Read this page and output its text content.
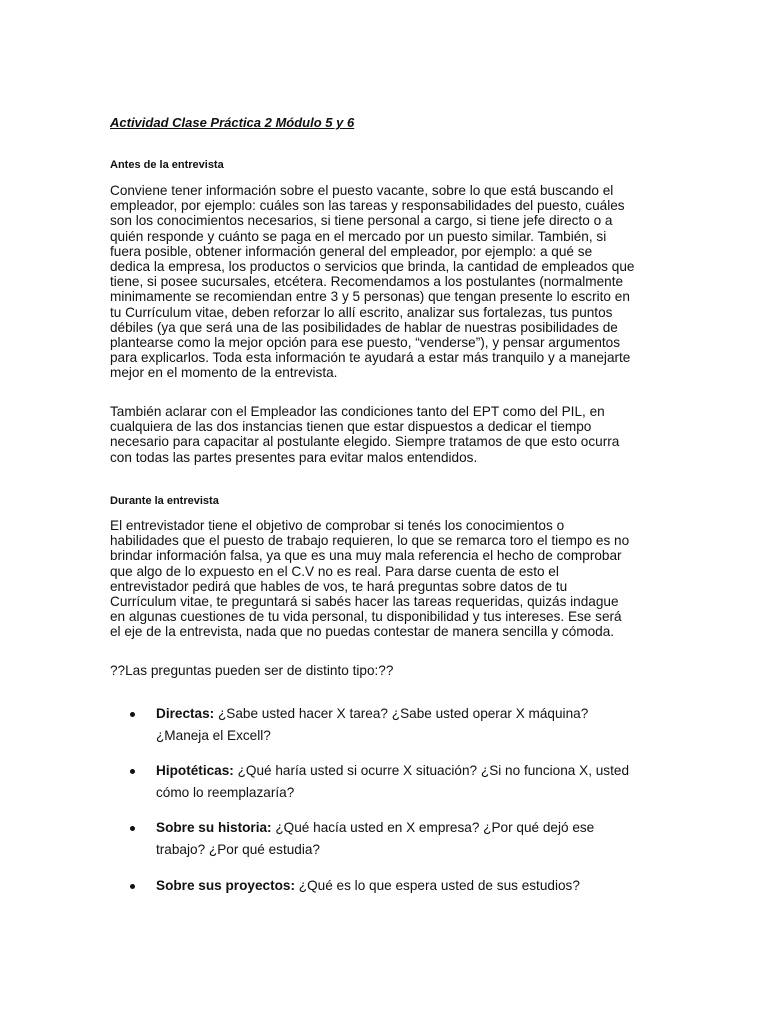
Actividad Clase Práctica 2 Módulo 5 y 6
Antes de la entrevista
Conviene tener información sobre el puesto vacante, sobre lo que está buscando el
empleador, por ejemplo: cuáles son las tareas y responsabilidades del puesto, cuáles
son los conocimientos necesarios, si tiene personal a cargo, si tiene jefe directo o a
quién responde y cuánto se paga en el mercado por un puesto similar. También, si
fuera posible, obtener información general del empleador, por ejemplo: a qué se
dedica la empresa, los productos o servicios que brinda, la cantidad de empleados que
tiene, si posee sucursales, etcétera. Recomendamos a los postulantes (normalmente
minimamente se recomiendan entre 3 y 5 personas) que tengan presente lo escrito en
tu Currículum vitae, deben reforzar lo allí escrito, analizar sus fortalezas, tus puntos
débiles (ya que será una de las posibilidades de hablar de nuestras posibilidades de
plantearse como la mejor opción para ese puesto, “venderse”), y pensar argumentos
para explicarlos. Toda esta información te ayudará a estar más tranquilo y a manejarte
mejor en el momento de la entrevista.
También aclarar con el Empleador las condiciones tanto del EPT como del PIL, en
cualquiera de las dos instancias tienen que estar dispuestos a dedicar el tiempo
necesario para capacitar al postulante elegido. Siempre tratamos de que esto ocurra
con todas las partes presentes para evitar malos entendidos.
Durante la entrevista
El entrevistador tiene el objetivo de comprobar si tenés los conocimientos o
habilidades que el puesto de trabajo requieren, lo que se remarca toro el tiempo es no
brindar información falsa, ya que es una muy mala referencia el hecho de comprobar
que algo de lo expuesto en el C.V no es real. Para darse cuenta de esto el
entrevistador pedirá que hables de vos, te hará preguntas sobre datos de tu
Currículum vitae, te preguntará si sabés hacer las tareas requeridas, quizás indague
en algunas cuestiones de tu vida personal, tu disponibilidad y tus intereses. Ese será
el eje de la entrevista, nada que no puedas contestar de manera sencilla y cómoda.
??Las preguntas pueden ser de distinto tipo:??
Directas: ¿Sabe usted hacer X tarea? ¿Sabe usted operar X máquina?
¿Maneja el Excell?
Hipotéticas: ¿Qué haría usted si ocurre X situación? ¿Si no funciona X, usted
cómo lo reemplazaría?
Sobre su historia: ¿Qué hacía usted en X empresa? ¿Por qué dejó ese
trabajo? ¿Por qué estudia?
Sobre sus proyectos: ¿Qué es lo que espera usted de sus estudios?
